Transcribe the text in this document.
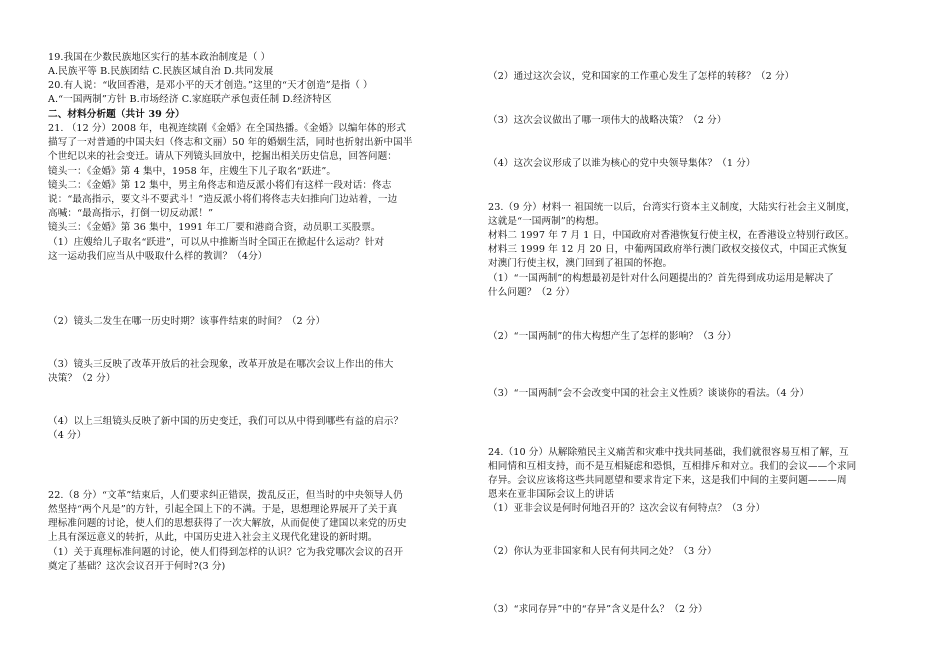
19.我国在少数民族地区实行的基本政治制度是（ ）
A.民族平等 B.民族团结 C.民族区域自治 D.共同发展
20.有人说：“收回香港，是邓小平的天才创造。”这里的“天才创造”是指（ ）
A.“一国两制”方针 B.市场经济 C.家庭联产承包责任制 D.经济特区
二、材料分析题（共计 39 分）
21. （12 分）2008 年，电视连续剧《金婚》在全国热播。《金婚》以编年体的形式
描写了一对普通的中国夫妇（佟志和文丽）50 年的婚姻生活，同时也折射出新中国半
个世纪以来的社会变迁。请从下列镜头回放中，挖掘出相关历史信息，回答问题：
镜头一：《金婚》第 4 集中，1958 年，庄嫂生下儿子取名“跃进”。
镜头二：《金婚》第 12 集中，男主角佟志和造反派小将们有这样一段对话：佟志
说：“最高指示，要文斗不要武斗！”造反派小将们将佟志夫妇推向门边站着，一边
高喊：“最高指示，打倒一切反动派！”
镜头三：《金婚》第 36 集中，1991 年工厂要和港商合资，动员职工买股票。
（1）庄嫂给儿子取名“跃进”，可以从中推断当时全国正在掀起什么运动？针对
这一运动我们应当从中吸取什么样的教训？（4分）
（2）镜头二发生在哪一历史时期？该事件结束的时间？（2 分）
（3）镜头三反映了改革开放后的社会现象，改革开放是在哪次会议上作出的伟大
决策？（2 分）
（4）以上三组镜头反映了新中国的历史变迁，我们可以从中得到哪些有益的启示？
（4 分）
22.（8 分）“文革”结束后，人们要求纠正错误，拨乱反正，但当时的中央领导人仍
然坚持“两个凡是”的方针，引起全国上下的不满。于是，思想理论界展开了关于真
理标准问题的讨论，使人们的思想获得了一次大解放，从而促使了建国以来党的历史
上具有深远意义的转折，从此，中国历史进入社会主义现代化建设的新时期。
（1）关于真理标准问题的讨论，使人们得到怎样的认识？它为我党哪次会议的召开
奠定了基础？这次会议召开于何时?(3 分)
（2）通过这次会议，党和国家的工作重心发生了怎样的转移？（2 分）
（3）这次会议做出了哪一项伟大的战略决策？（2 分）
（4）这次会议形成了以谁为核心的党中央领导集体？（1 分）
23.（9 分）材料一 祖国统一以后，台湾实行资本主义制度，大陆实行社会主义制度，
这就是“一国两制”的构想。
材料二 1997 年 7 月 1 日，中国政府对香港恢复行使主权，在香港设立特别行政区。
材料三 1999 年 12 月 20 日，中葡两国政府举行澳门政权交接仪式，中国正式恢复
对澳门行使主权，澳门回到了祖国的怀抱。
（1）“一国两制”的构想最初是针对什么问题提出的？首先得到成功运用是解决了
什么问题？（2 分）
（2）“一国两制”的伟大构想产生了怎样的影响？（3 分）
（3）“一国两制”会不会改变中国的社会主义性质？谈谈你的看法。（4 分）
24.（10 分）从解除殖民主义痛苦和灾难中找共同基础，我们就很容易互相了解，互
相同情和互相支持，而不是互相疑虑和恐惧，互相排斥和对立。我们的会议——个求同
存异。会议应该将这些共同愿望和要求肯定下来，这是我们中间的主要问题———周
恩来在亚非国际会议上的讲话
（1）亚非会议是何时何地召开的？这次会议有何特点？（3 分）
（2）你认为亚非国家和人民有何共同之处？（3 分）
（3）“求同存异”中的“存异”含义是什么？（2 分）
